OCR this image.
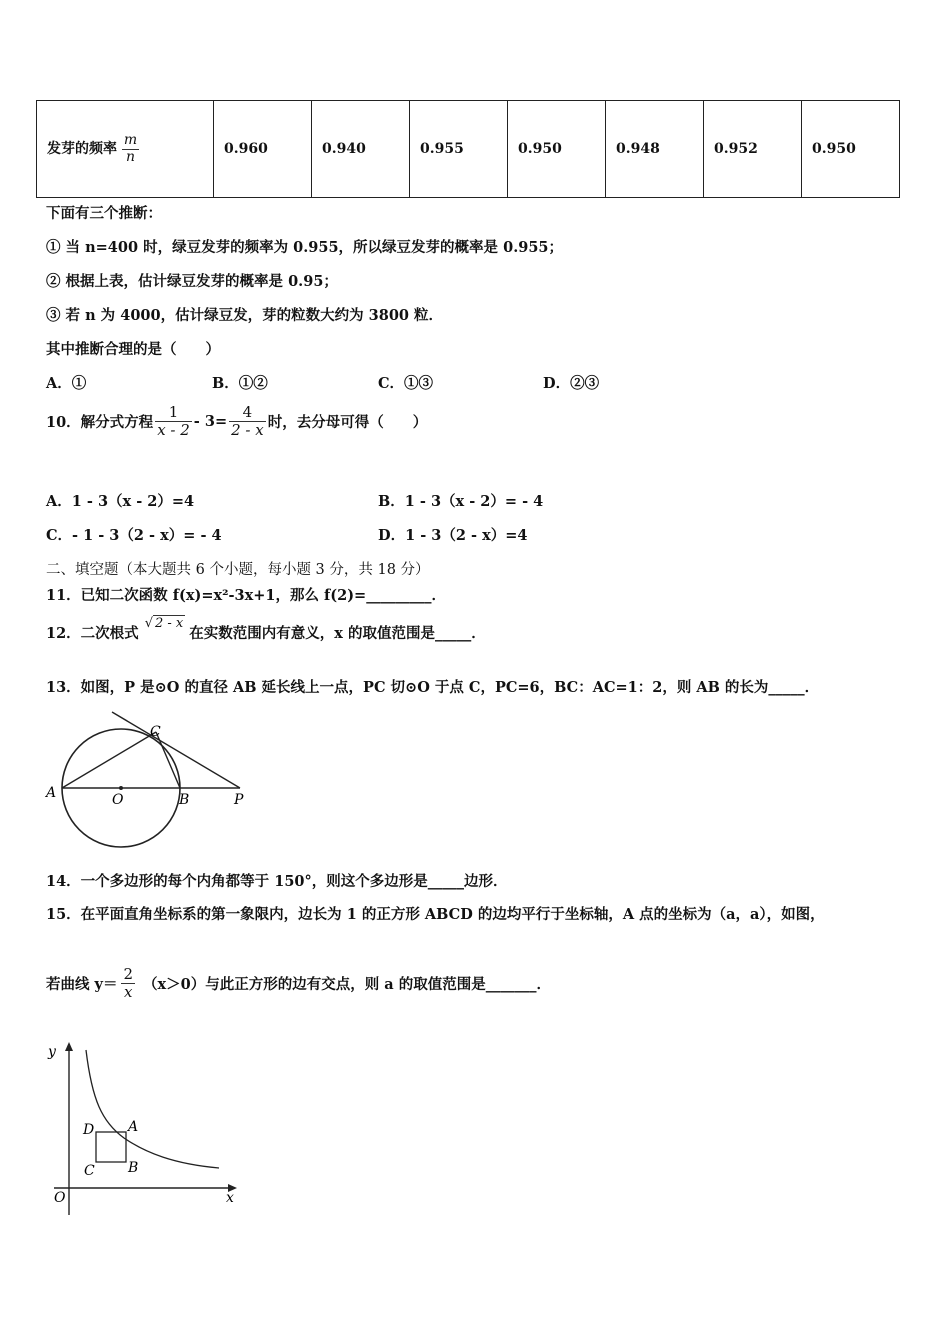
发芽的频率 $\frac{m}{n}$	0.960	0.940	0.955	0.950	0.948	0.952	0.950
下面有三个推断：
① 当 n=400 时，绿豆发芽的频率为 0.955，所以绿豆发芽的概率是 0.955；
② 根据上表，估计绿豆发芽的概率是 0.95；
③ 若 n 为 4000，估计绿豆发，芽的粒数大约为 3800 粒．
其中推断合理的是（　　）
A．①	B．①②	C．①③	D．②③
10．解分式方程 $\frac{1}{x - 2} - 3= \frac{4}{2 - x}$ 时，去分母可得（　　）
A．1 - 3（x - 2）=4	B．1 - 3（x - 2）= - 4
C．- 1 - 3（2 - x）= - 4	D．1 - 3（2 - x）=4
二、填空题（本大题共 6 个小题，每小题 3 分，共 18 分）
11．已知二次函数 f(x)=x²-3x+1，那么 f(2)=_________．
12．二次根式
√ 2 - x
在实数范围内有意义，x 的取值范围是_____．
13．如图，P 是⊙O 的直径 AB 延长线上一点，PC 切⊙O 于点 C，PC=6，BC：AC=1：2，则 AB 的长为_____．
A	O	B	P
C
14．一个多边形的每个内角都等于 150°，则这个多边形是_____边形．
15．在平面直角坐标系的第一象限内，边长为 1 的正方形 ABCD 的边均平行于坐标轴，A 点的坐标为（a，a），如图，
若曲线 $y= \frac{2}{x} (x>0)$与此正方形的边有交点，则 a 的取值范围是_______．
y
x
O
A
B
C
D
